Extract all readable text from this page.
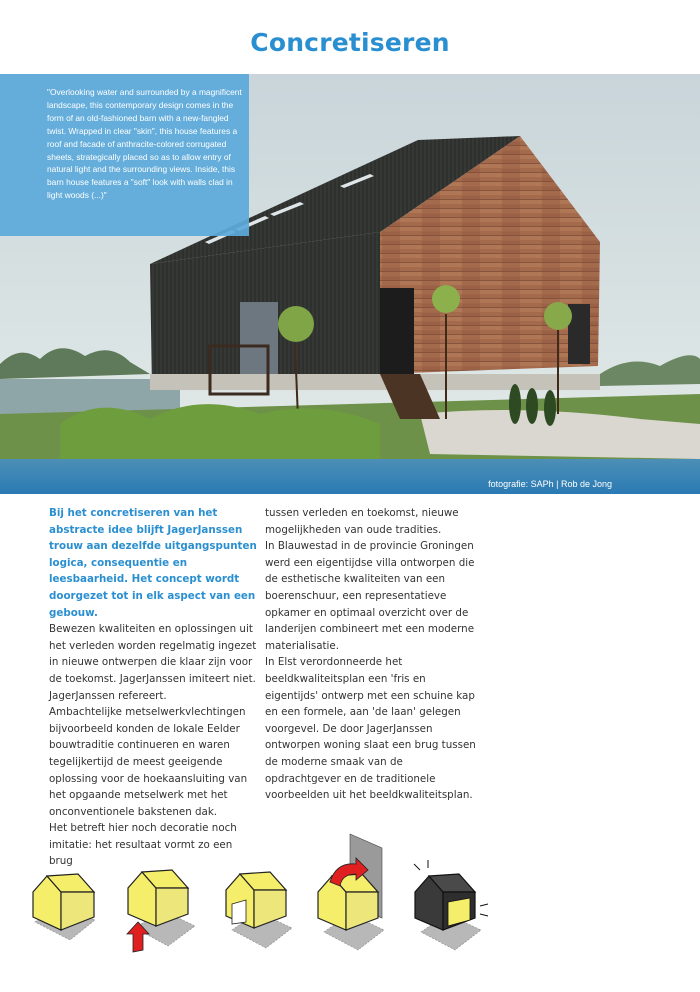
Concretiseren

"Overlooking water and surrounded by a magnificent landscape, this contemporary design comes in the form of an old-fashioned barn with a new-fangled twist. Wrapped in clear "skin", this house features a roof and facade of anthracite-colored corrugated sheets, strategically placed so as to allow entry of natural light and the surrounding views. Inside, this barn house features a "soft" look with walls clad in light woods (...)"

fotografie: SAPh | Rob de Jong

Bij het concretiseren van het abstracte idee blijft JagerJanssen trouw aan dezelfde uitgangspunten logica, consequentie en leesbaarheid. Het concept wordt doorgezet tot in elk aspect van een gebouw.

Bewezen kwaliteiten en oplossingen uit het verleden worden regelmatig ingezet in nieuwe ontwerpen die klaar zijn voor de toekomst. JagerJanssen imiteert niet. JagerJanssen refereert.

Ambachtelijke metselwerkvlechtingen bijvoorbeeld konden de lokale Eelder bouwtraditie continueren en waren tegelijkertijd de meest geeigende oplossing voor de hoekaansluiting van het opgaande metselwerk met het onconventionele bakstenen dak.

Het betreft hier noch decoratie noch imitatie: het resultaat vormt zo een brug

tussen verleden en toekomst, nieuwe mogelijkheden van oude tradities.

In Blauwestad in de provincie Groningen werd een eigentijdse villa ontworpen die de esthetische kwaliteiten van een boerenschuur, een representatieve opkamer en optimaal overzicht over de landerijen combineert met een moderne materialisatie.

In Elst verordonneerde het beeldkwaliteitsplan een 'fris en eigentijds' ontwerp met een schuine kap en een formele, aan 'de laan' gelegen voorgevel. De door JagerJanssen ontworpen woning slaat een brug tussen de moderne smaak van de opdrachtgever en de traditionele voorbeelden uit het beeldkwaliteitsplan.
